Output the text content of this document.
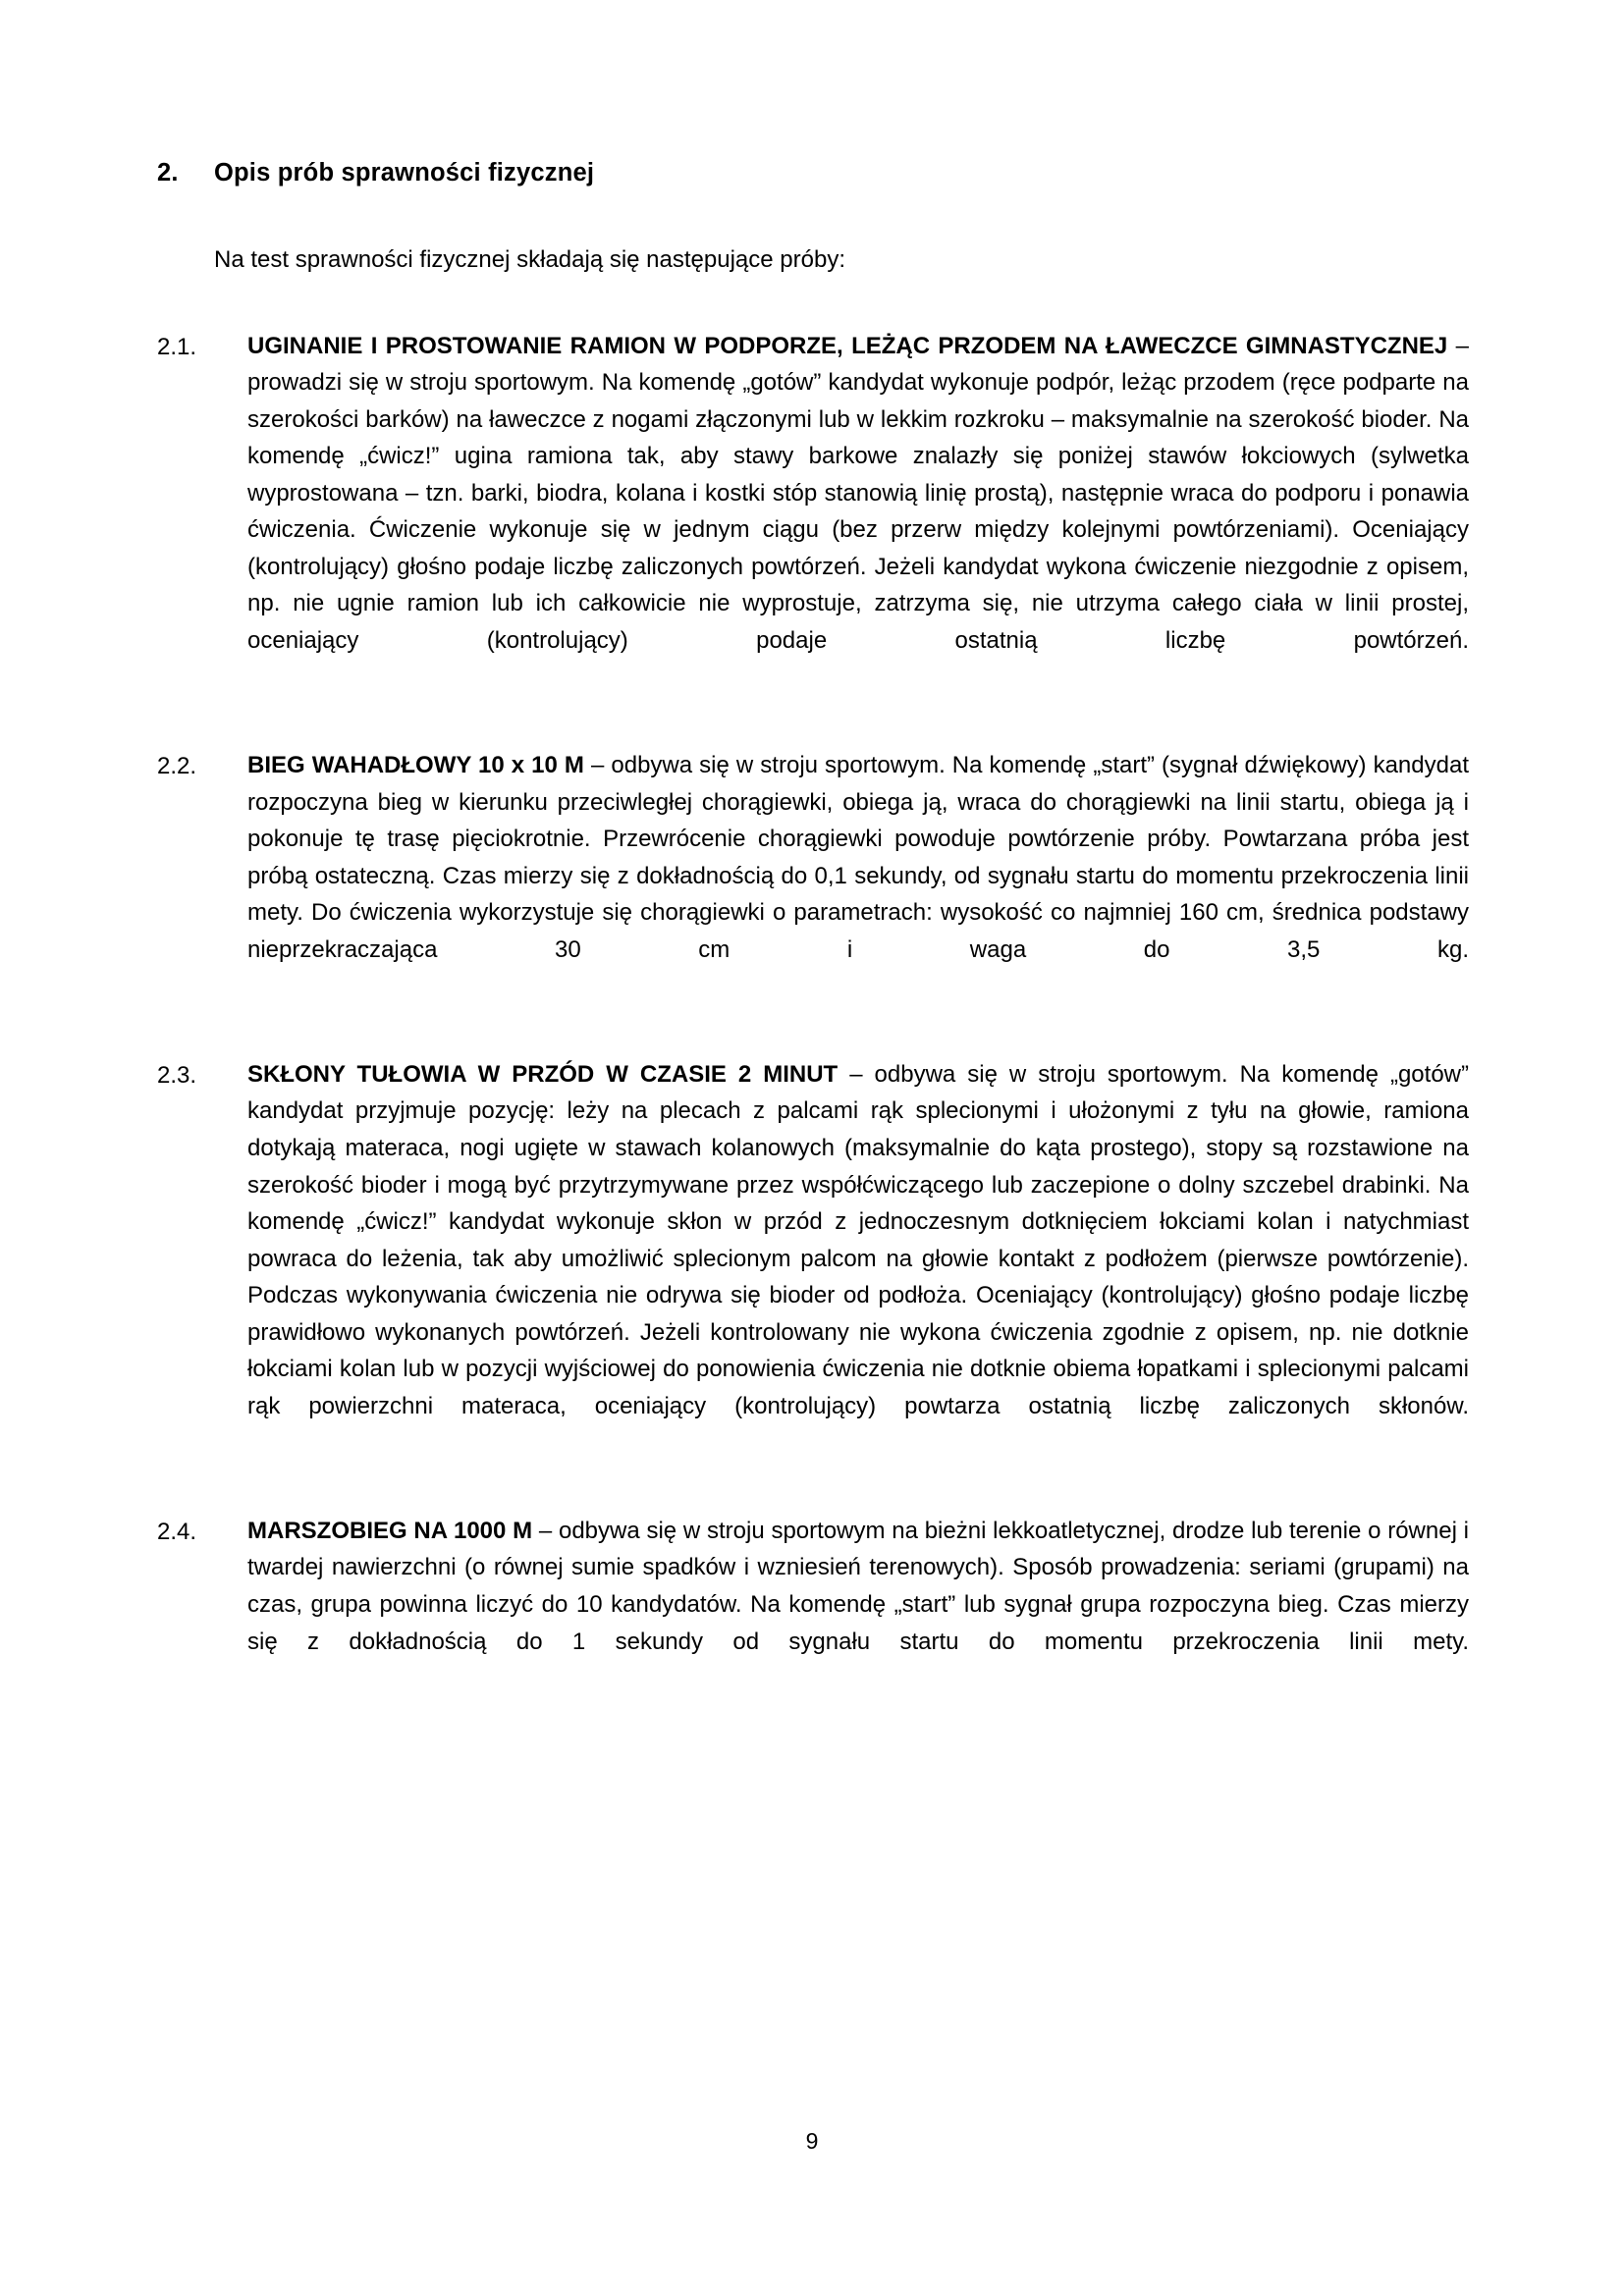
2.	Opis prób sprawności fizycznej

Na test sprawności fizycznej składają się następujące próby:

2.1.	UGINANIE I PROSTOWANIE RAMION W PODPORZE, LEŻĄC PRZODEM NA ŁAWECZCE GIMNASTYCZNEJ – prowadzi się w stroju sportowym. Na komendę „gotów” kandydat wykonuje podpór, leżąc przodem (ręce podparte na szerokości barków) na ławeczce z nogami złączonymi lub w lekkim rozkroku – maksymalnie na szerokość bioder. Na komendę „ćwicz!” ugina ramiona tak, aby stawy barkowe znalazły się poniżej stawów łokciowych (sylwetka wyprostowana – tzn. barki, biodra, kolana i kostki stóp stanowią linię prostą), następnie wraca do podporu i ponawia ćwiczenia. Ćwiczenie wykonuje się w jednym ciągu (bez przerw między kolejnymi powtórzeniami). Oceniający (kontrolujący) głośno podaje liczbę zaliczonych powtórzeń. Jeżeli kandydat wykona ćwiczenie niezgodnie z opisem, np. nie ugnie ramion lub ich całkowicie nie wyprostuje, zatrzyma się, nie utrzyma całego ciała w linii prostej, oceniający (kontrolujący) podaje ostatnią liczbę powtórzeń.
2.2.	BIEG WAHADŁOWY 10 x 10 M – odbywa się w stroju sportowym. Na komendę „start” (sygnał dźwiękowy) kandydat rozpoczyna bieg w kierunku przeciwległej chorągiewki, obiega ją, wraca do chorągiewki na linii startu, obiega ją i pokonuje tę trasę pięciokrotnie. Przewrócenie chorągiewki powoduje powtórzenie próby. Powtarzana próba jest próbą ostateczną. Czas mierzy się z dokładnością do 0,1 sekundy, od sygnału startu do momentu przekroczenia linii mety. Do ćwiczenia wykorzystuje się chorągiewki o parametrach: wysokość co najmniej 160 cm, średnica podstawy nieprzekraczająca 30 cm i waga do 3,5 kg.
2.3.	SKŁONY TUŁOWIA W PRZÓD W CZASIE 2 MINUT – odbywa się w stroju sportowym. Na komendę „gotów” kandydat przyjmuje pozycję: leży na plecach z palcami rąk splecionymi i ułożonymi z tyłu na głowie, ramiona dotykają materaca, nogi ugięte w stawach kolanowych (maksymalnie do kąta prostego), stopy są rozstawione na szerokość bioder i mogą być przytrzymywane przez współćwiczącego lub zaczepione o dolny szczebel drabinki. Na komendę „ćwicz!” kandydat wykonuje skłon w przód z jednoczesnym dotknięciem łokciami kolan i natychmiast powraca do leżenia, tak aby umożliwić splecionym palcom na głowie kontakt z podłożem (pierwsze powtórzenie). Podczas wykonywania ćwiczenia nie odrywa się bioder od podłoża. Oceniający (kontrolujący) głośno podaje liczbę prawidłowo wykonanych powtórzeń. Jeżeli kontrolowany nie wykona ćwiczenia zgodnie z opisem, np. nie dotknie łokciami kolan lub w pozycji wyjściowej do ponowienia ćwiczenia nie dotknie obiema łopatkami i splecionymi palcami rąk powierzchni materaca, oceniający (kontrolujący) powtarza ostatnią liczbę zaliczonych skłonów.
2.4.	MARSZOBIEG NA 1000 M – odbywa się w stroju sportowym na bieżni lekkoatletycznej, drodze lub terenie o równej i twardej nawierzchni (o równej sumie spadków i wzniesień terenowych). Sposób prowadzenia: seriami (grupami) na czas, grupa powinna liczyć do 10 kandydatów. Na komendę „start” lub sygnał grupa rozpoczyna bieg. Czas mierzy się z dokładnością do 1 sekundy od sygnału startu do momentu przekroczenia linii mety.
9
